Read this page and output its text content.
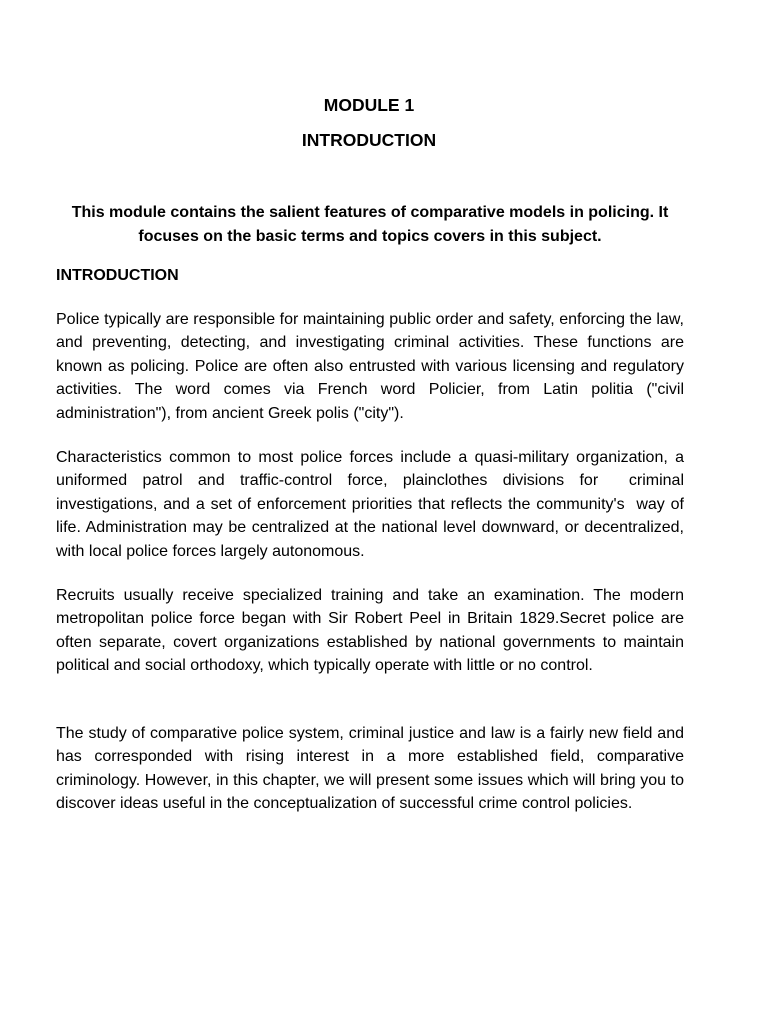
MODULE 1
INTRODUCTION

This module contains the salient features of comparative models in policing. It focuses on the basic terms and topics covers in this subject.

INTRODUCTION

Police typically are responsible for maintaining public order and safety, enforcing the law, and preventing, detecting, and investigating criminal activities. These functions are known as policing. Police are often also entrusted with various licensing and regulatory activities. The word comes via French word Policier, from Latin politia ("civil administration"), from ancient Greek polis ("city").

Characteristics common to most police forces include a quasi-military organization, a uniformed patrol and traffic-control force, plainclothes divisions for  criminal investigations, and a set of enforcement priorities that reflects the community's  way of life. Administration may be centralized at the national level downward, or decentralized, with local police forces largely autonomous.

Recruits usually receive specialized training and take an examination. The modern metropolitan police force began with Sir Robert Peel in Britain 1829.Secret police are often separate, covert organizations established by national governments to maintain political and social orthodoxy, which typically operate with little or no control.

The study of comparative police system, criminal justice and law is a fairly new field and has corresponded with rising interest in a more established field, comparative criminology. However, in this chapter, we will present some issues which will bring you to discover ideas useful in the conceptualization of successful crime control policies.
